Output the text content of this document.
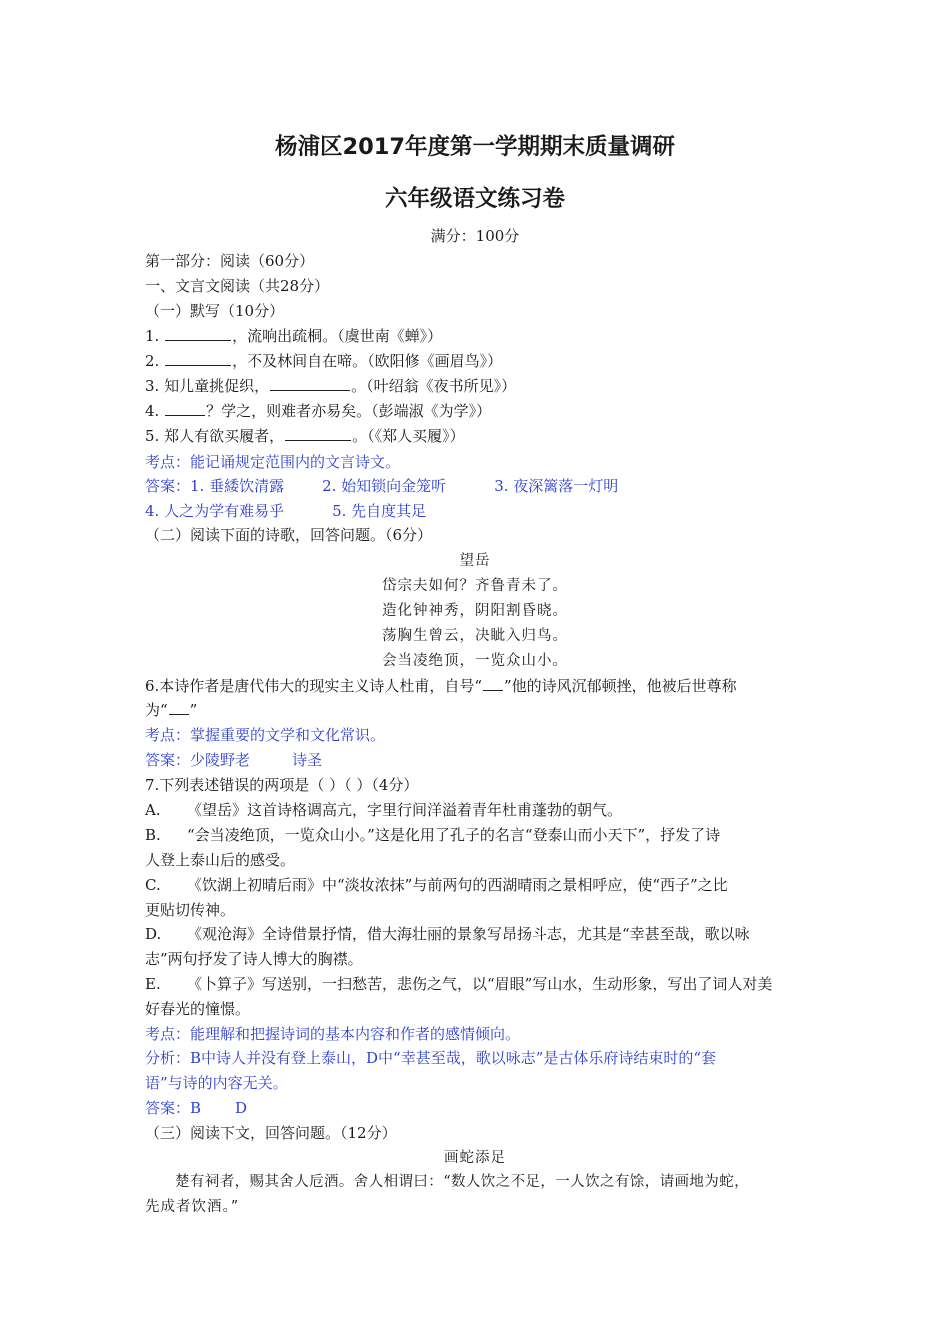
杨浦区2017年度第一学期期末质量调研
六年级语文练习卷
满分：100分
第一部分：阅读（60分）
一、文言文阅读（共28分）
（一）默写（10分）
1.	，流响出疏桐。（虞世南《蝉》）
2.	，不及林间自在啼。（欧阳修《画眉鸟》）
3. 知儿童挑促织，	。（叶绍翁《夜书所见》）
4.	？学之，则难者亦易矣。（彭端淑《为学》）
5. 郑人有欲买履者，	。（《郑人买履》）
考点：能记诵规定范围内的文言诗文。
答案：1. 垂緌饮清露	2. 始知锁向金笼听	3. 夜深篱落一灯明
4. 人之为学有难易乎	5. 先自度其足
（二）阅读下面的诗歌，回答问题。（6分）
望岳
岱宗夫如何？齐鲁青未了。
造化钟神秀，阴阳割昏晓。
荡胸生曾云，决眦入归鸟。
会当凌绝顶，一览众山小。
6.本诗作者是唐代伟大的现实主义诗人杜甫，自号“ ”他的诗风沉郁顿挫，他被后世尊称
为“ ”
考点：掌握重要的文学和文化常识。
答案：少陵野老	诗圣
7.下列表述错误的两项是（ ）（ ）（4分）
A. 《望岳》这首诗格调高亢，字里行间洋溢着青年杜甫蓬勃的朝气。
B. “会当凌绝顶，一览众山小。”这是化用了孔子的名言“登泰山而小天下”，抒发了诗
人登上泰山后的感受。
C. 《饮湖上初晴后雨》中“淡妆浓抹”与前两句的西湖晴雨之景相呼应，使“西子”之比
更贴切传神。
D. 《观沧海》全诗借景抒情，借大海壮丽的景象写昂扬斗志，尤其是“幸甚至哉，歌以咏
志”两句抒发了诗人博大的胸襟。
E. 《卜算子》写送别，一扫愁苦，悲伤之气，以“眉眼”写山水，生动形象，写出了词人对美
好春光的憧憬。
考点：能理解和把握诗词的基本内容和作者的感情倾向。
分析：B中诗人并没有登上泰山，D中“幸甚至哉，歌以咏志”是古体乐府诗结束时的“套
语”与诗的内容无关。
答案：B D
（三）阅读下文，回答问题。（12分）
画蛇添足
楚有祠者，赐其舍人卮酒。舍人相谓曰：“数人饮之不足，一人饮之有馀，请画地为蛇，
先成者饮酒。”
